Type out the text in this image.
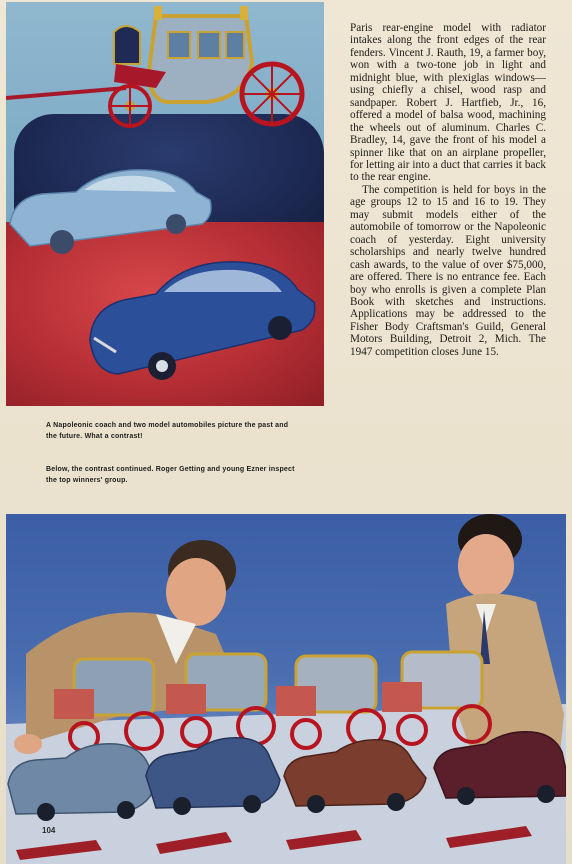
A Napoleonic coach and two model automobiles picture the past and the future. What a contrast!

Below, the contrast continued. Roger Getting and young Ezner inspect the top winners' group.

Paris rear-engine model with radiator intakes along the front edges of the rear fenders. Vincent J. Rauth, 19, a farmer boy, won with a two-tone job in light and midnight blue, with plexiglas windows—using chiefly a chisel, wood rasp and sandpaper. Robert J. Hartfieb, Jr., 16, offered a model of balsa wood, machining the wheels out of aluminum. Charles C. Bradley, 14, gave the front of his model a spinner like that on an airplane propeller, for letting air into a duct that carries it back to the rear engine.

The competition is held for boys in the age groups 12 to 15 and 16 to 19. They may submit models either of the automobile of tomorrow or the Napoleonic coach of yesterday. Eight university scholarships and nearly twelve hundred cash awards, to the value of over $75,000, are offered. There is no entrance fee. Each boy who enrolls is given a complete Plan Book with sketches and instructions. Applications may be addressed to the Fisher Body Craftsman's Guild, General Motors Building, Detroit 2, Mich. The 1947 competition closes June 15.

104
